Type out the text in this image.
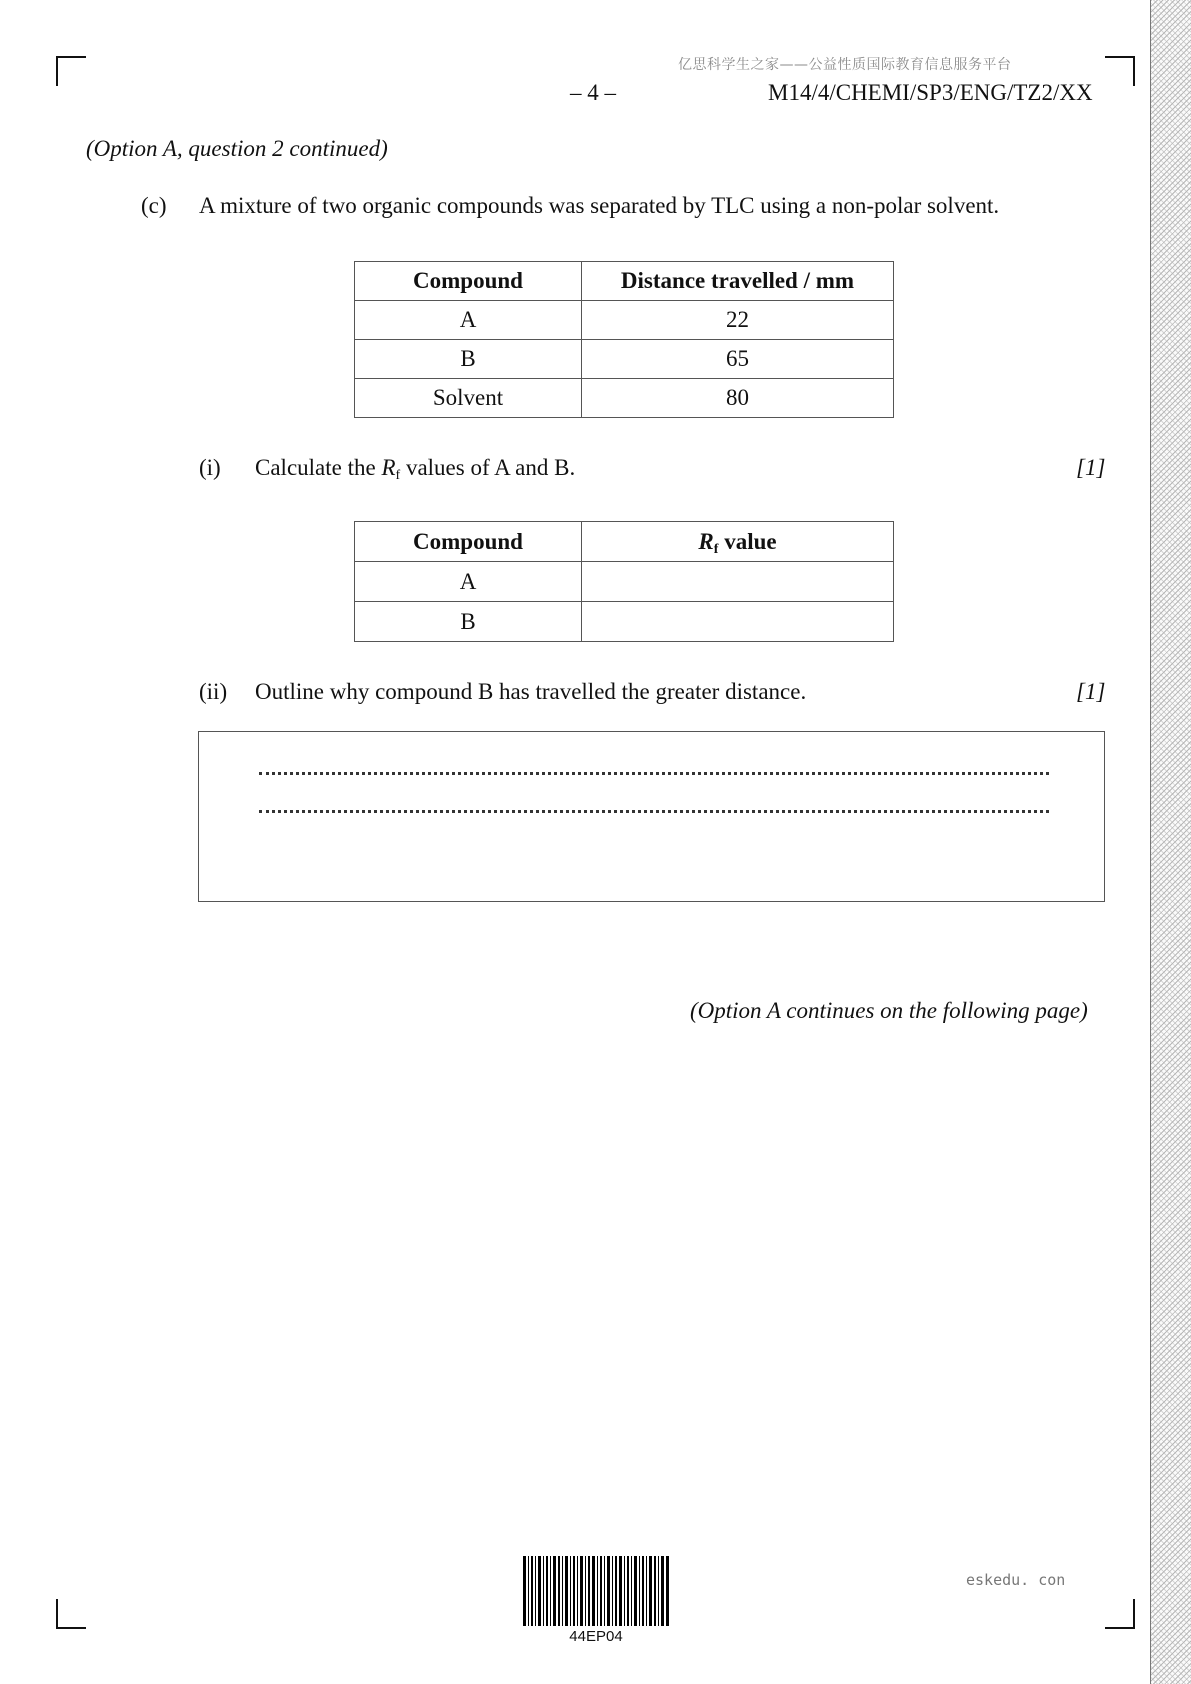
亿思科学生之家——公益性质国际教育信息服务平台
– 4 –	M14/4/CHEMI/SP3/ENG/TZ2/XX
(Option A, question 2 continued)
(c) A mixture of two organic compounds was separated by TLC using a non-polar solvent.
Compound	Distance travelled / mm
A	22
B	65
Solvent	80
(i) Calculate the $R_f$ values of A and B.	[1]
Compound	$R_f$ value
A	
B	
(ii) Outline why compound B has travelled the greater distance.	[1]
(Option A continues on the following page)
44EP04
eskedu. con
